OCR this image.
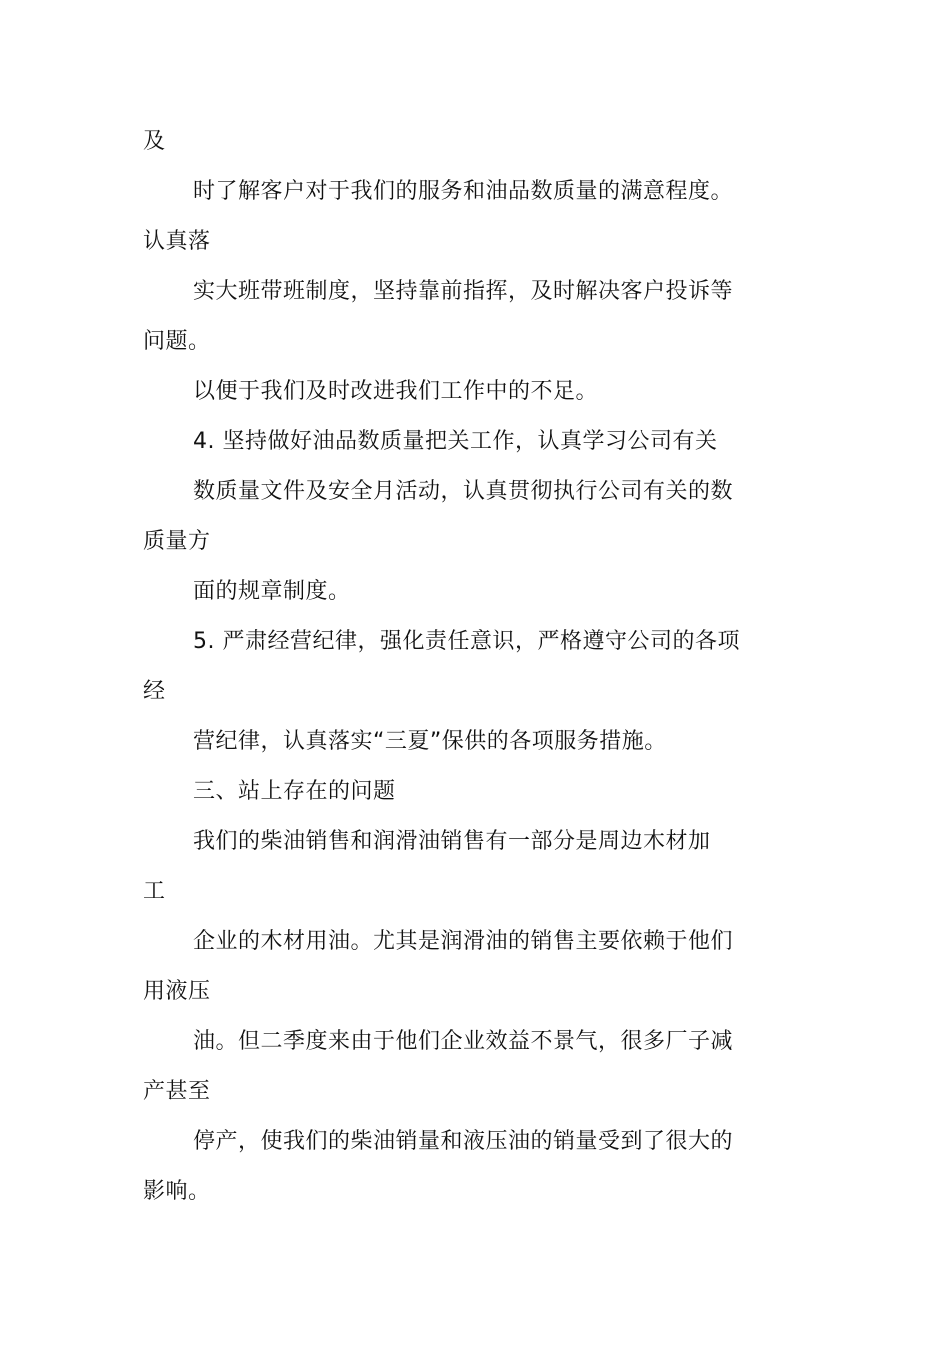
及
时了解客户对于我们的服务和油品数质量的满意程度。
认真落
实大班带班制度，坚持靠前指挥，及时解决客户投诉等
问题。
以便于我们及时改进我们工作中的不足。
4. 坚持做好油品数质量把关工作，认真学习公司有关
数质量文件及安全月活动，认真贯彻执行公司有关的数
质量方
面的规章制度。
5. 严肃经营纪律，强化责任意识，严格遵守公司的各项
经
营纪律，认真落实“三夏”保供的各项服务措施。
三、站上存在的问题
我们的柴油销售和润滑油销售有一部分是周边木材加
工
企业的木材用油。尤其是润滑油的销售主要依赖于他们
用液压
油。但二季度来由于他们企业效益不景气，很多厂子减
产甚至
停产，使我们的柴油销量和液压油的销量受到了很大的
影响。
